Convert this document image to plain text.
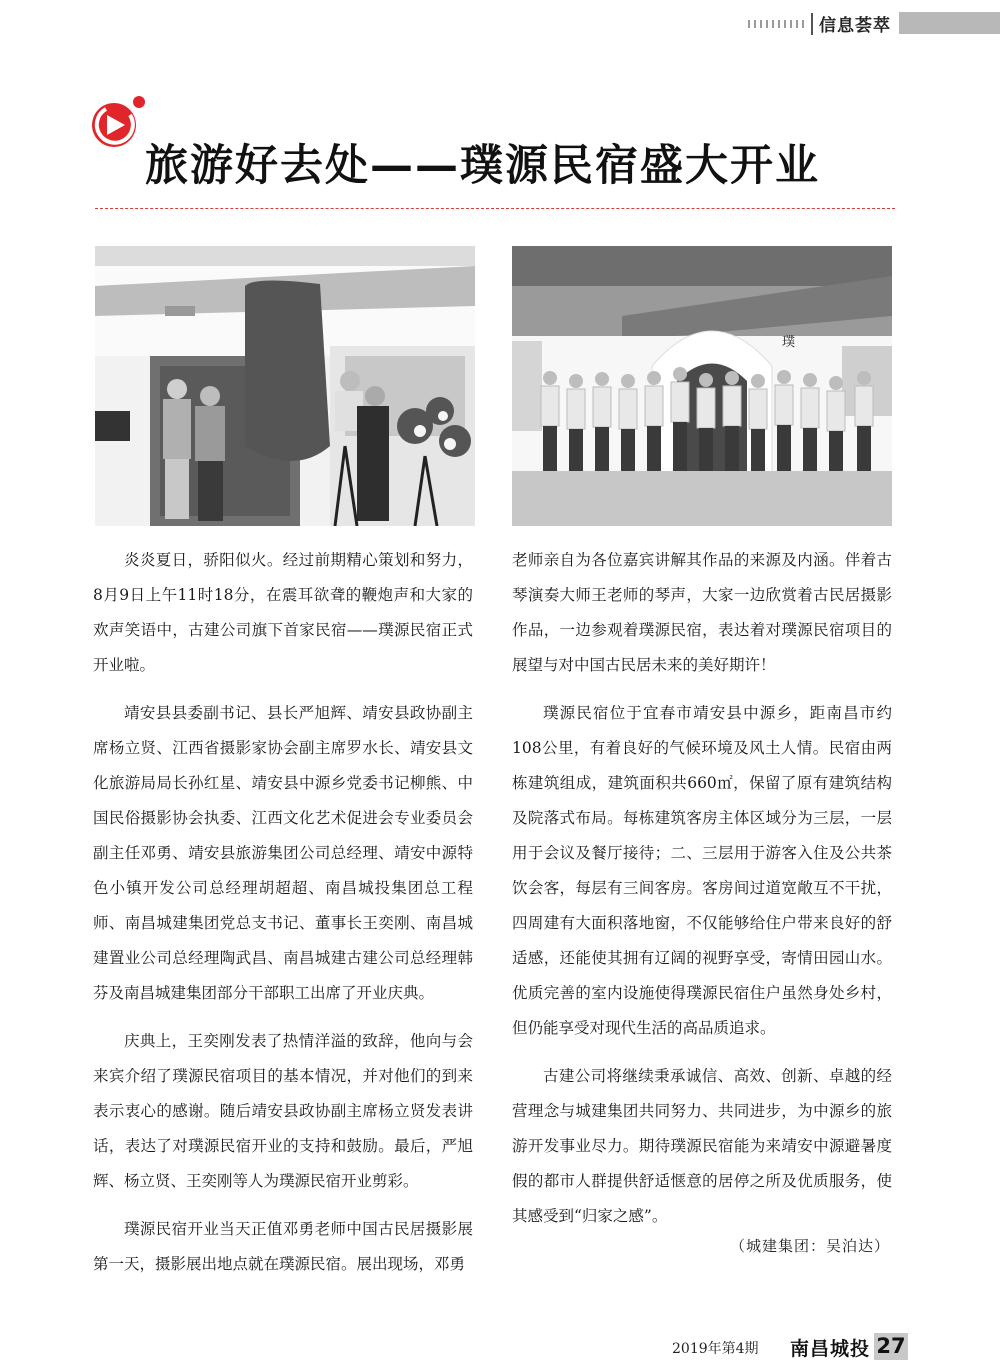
信息荟萃
旅游好去处——璞源民宿盛大开业
璞

炎炎夏日，骄阳似火。经过前期精心策划和努力，8月9日上午11时18分，在震耳欲聋的鞭炮声和大家的欢声笑语中，古建公司旗下首家民宿——璞源民宿正式开业啦。

靖安县县委副书记、县长严旭辉、靖安县政协副主席杨立贤、江西省摄影家协会副主席罗水长、靖安县文化旅游局局长孙红星、靖安县中源乡党委书记柳熊、中国民俗摄影协会执委、江西文化艺术促进会专业委员会副主任邓勇、靖安县旅游集团公司总经理、靖安中源特色小镇开发公司总经理胡超超、南昌城投集团总工程师、南昌城建集团党总支书记、董事长王奕刚、南昌城建置业公司总经理陶武昌、南昌城建古建公司总经理韩芬及南昌城建集团部分干部职工出席了开业庆典。

庆典上，王奕刚发表了热情洋溢的致辞，他向与会来宾介绍了璞源民宿项目的基本情况，并对他们的到来表示衷心的感谢。随后靖安县政协副主席杨立贤发表讲话，表达了对璞源民宿开业的支持和鼓励。最后，严旭辉、杨立贤、王奕刚等人为璞源民宿开业剪彩。

璞源民宿开业当天正值邓勇老师中国古民居摄影展第一天，摄影展出地点就在璞源民宿。展出现场，邓勇

老师亲自为各位嘉宾讲解其作品的来源及内涵。伴着古琴演奏大师王老师的琴声，大家一边欣赏着古民居摄影作品，一边参观着璞源民宿，表达着对璞源民宿项目的展望与对中国古民居未来的美好期许！

璞源民宿位于宜春市靖安县中源乡，距南昌市约108公里，有着良好的气候环境及风土人情。民宿由两栋建筑组成，建筑面积共660㎡，保留了原有建筑结构及院落式布局。每栋建筑客房主体区域分为三层，一层用于会议及餐厅接待；二、三层用于游客入住及公共茶饮会客，每层有三间客房。客房间过道宽敞互不干扰，四周建有大面积落地窗，不仅能够给住户带来良好的舒适感，还能使其拥有辽阔的视野享受，寄情田园山水。优质完善的室内设施使得璞源民宿住户虽然身处乡村，但仍能享受对现代生活的高品质追求。

古建公司将继续秉承诚信、高效、创新、卓越的经营理念与城建集团共同努力、共同进步，为中源乡的旅游开发事业尽力。期待璞源民宿能为来靖安中源避暑度假的都市人群提供舒适惬意的居停之所及优质服务，使其感受到“归家之感”。

（城建集团：吴泊达）
2019年第4期 南昌城投 27
